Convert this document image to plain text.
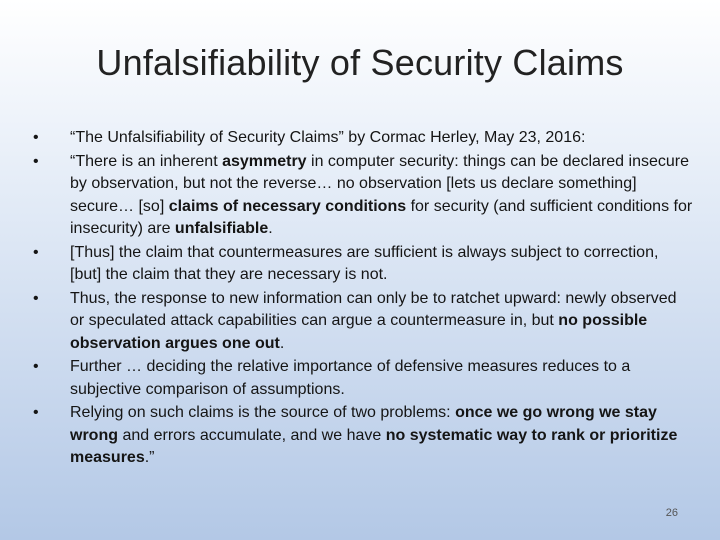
Unfalsifiability of Security Claims
• “The Unfalsifiability of Security Claims” by Cormac Herley, May 23, 2016:
• “There is an inherent asymmetry in computer security: things can be declared insecure by observation, but not the reverse… no observation [lets us declare something] secure… [so] claims of necessary conditions for security (and sufficient conditions for insecurity) are unfalsifiable.
• [Thus] the claim that countermeasures are sufficient is always subject to correction, [but] the claim that they are necessary is not.
• Thus, the response to new information can only be to ratchet upward: newly observed or speculated attack capabilities can argue a countermeasure in, but no possible observation argues one out.
• Further … deciding the relative importance of defensive measures reduces to a subjective comparison of assumptions.
• Relying on such claims is the source of two problems: once we go wrong we stay wrong and errors accumulate, and we have no systematic way to rank or prioritize measures.”
26
